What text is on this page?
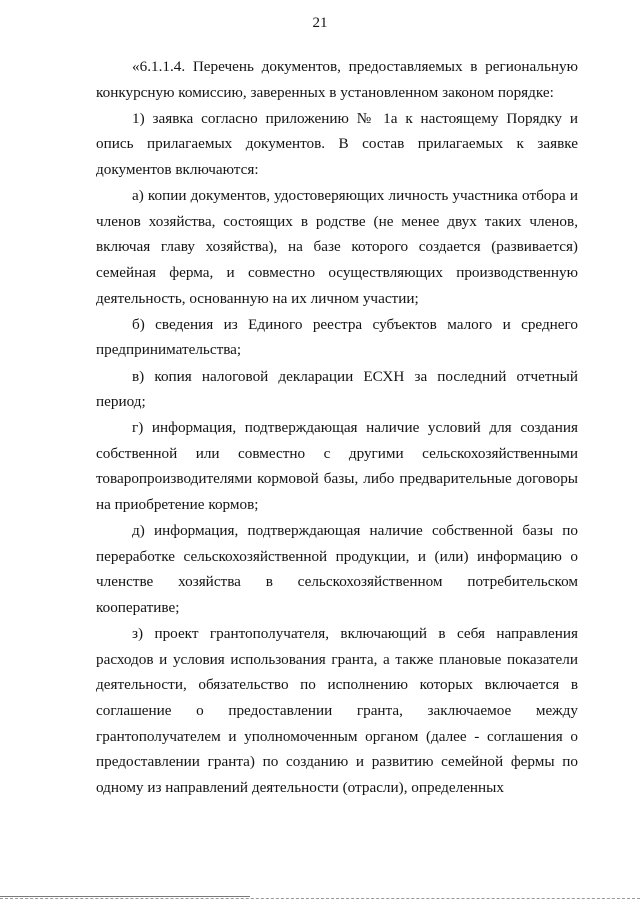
21

«6.1.1.4. Перечень документов, предоставляемых в региональную конкурсную комиссию, заверенных в установленном законом порядке:

1) заявка согласно приложению № 1а к настоящему Порядку и опись прилагаемых документов. В состав прилагаемых к заявке документов включаются:

а) копии документов, удостоверяющих личность участника отбора и членов хозяйства, состоящих в родстве (не менее двух таких членов, включая главу хозяйства), на базе которого создается (развивается) семейная ферма, и совместно осуществляющих производственную деятельность, основанную на их личном участии;

б) сведения из Единого реестра субъектов малого и среднего предпринимательства;

в) копия налоговой декларации ЕСХН за последний отчетный период;

г) информация, подтверждающая наличие условий для создания собственной или совместно с другими сельскохозяйственными товаропроизводителями кормовой базы, либо предварительные договоры на приобретение кормов;

д) информация, подтверждающая наличие собственной базы по переработке сельскохозяйственной продукции, и (или) информацию о членстве хозяйства в сельскохозяйственном потребительском кооперативе;

з) проект грантополучателя, включающий в себя направления расходов и условия использования гранта, а также плановые показатели деятельности, обязательство по исполнению которых включается в соглашение о предоставлении гранта, заключаемое между грантополучателем и уполномоченным органом (далее - соглашения о предоставлении гранта) по созданию и развитию семейной фермы по одному из направлений деятельности (отрасли), определенных
